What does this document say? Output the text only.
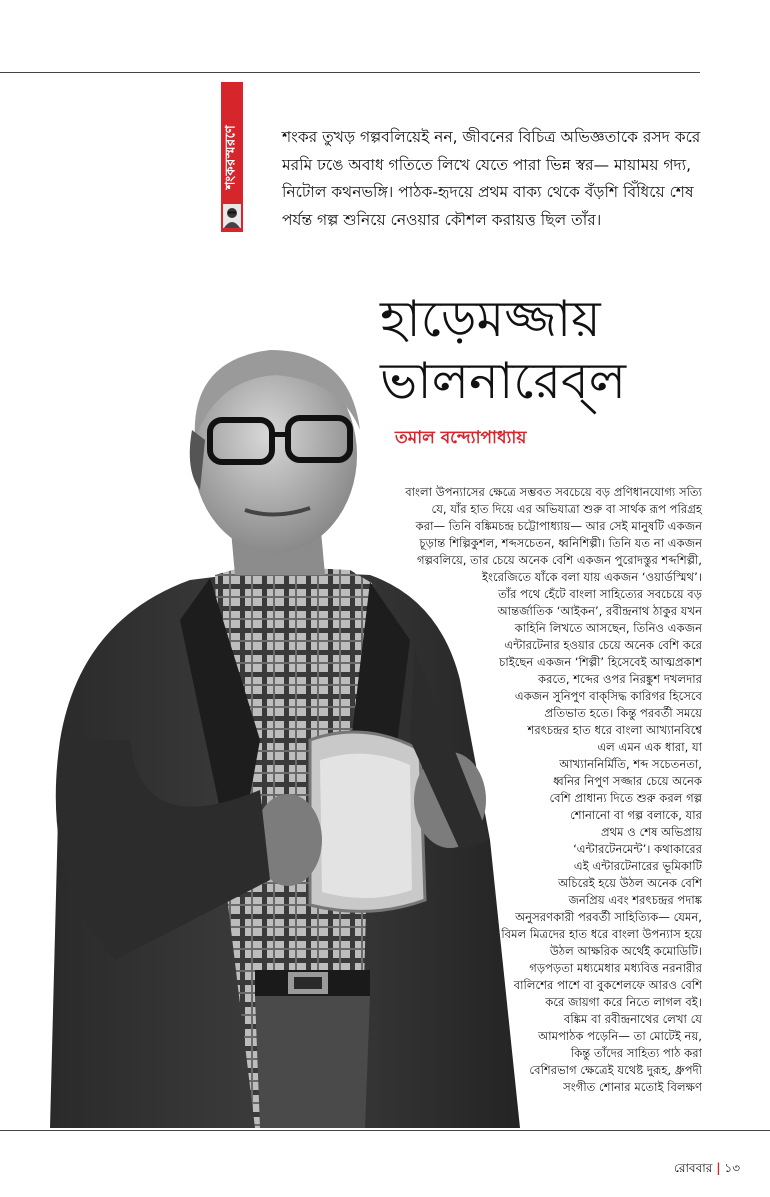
শংকরস্মরণে	শংকর তুখড় গল্পবলিয়েই নন, জীবনের বিচিত্র অভিজ্ঞতাকে রসদ করে মরমি ঢঙে অবাধ গতিতে লিখে যেতে পারা ভিন্ন স্বর— মায়াময় গদ্য, নিটোল কথনভঙ্গি। পাঠক-হৃদয়ে প্রথম বাক্য থেকে বঁড়শি বিঁধিয়ে শেষ পর্যন্ত গল্প শুনিয়ে নেওয়ার কৌশল করায়ত্ত ছিল তাঁর।
হাড়েমজ্জায়
ভালনারেব্‌ল
তমাল বন্দ্যোপাধ্যায়
বাংলা উপন্যাসের ক্ষেত্রে সম্ভবত সবচেয়ে বড় প্রণিধানযোগ্য সত্যি
যে, যাঁর হাত দিয়ে এর অভিযাত্রা শুরু বা সার্থক রূপ পরিগ্রহ
করা— তিনি বঙ্কিমচন্দ্র চট্টোপাধ্যায়— আর সেই মানুষটি একজন
চূড়ান্ত শিল্পিকুশল, শব্দসচেতন, ধ্বনিশিল্পী। তিনি যত না একজন
গল্পবলিয়ে, তার চেয়ে অনেক বেশি একজন পুরোদস্তুর শব্দশিল্পী,
ইংরেজিতে যাঁকে বলা যায় একজন ‘ওয়ার্ডস্মিথ’।
তাঁর পথে হেঁটে বাংলা সাহিত্যের সবচেয়ে বড়
আন্তর্জাতিক ‘আইকন’, রবীন্দ্রনাথ ঠাকুর যখন
কাহিনি লিখতে আসছেন, তিনিও একজন
এন্টারটেনার হওয়ার চেয়ে অনেক বেশি করে
চাইছেন একজন ‘শিল্পী’ হিসেবেই আত্মপ্রকাশ
করতে, শব্দের ওপর নিরঙ্কুশ দখলদার
একজন সুনিপুণ বাক্‌সিদ্ধ কারিগর হিসেবে
প্রতিভাত হতে। কিন্তু পরবর্তী সময়ে
শরৎচন্দ্রর হাত ধরে বাংলা আখ্যানবিশ্বে
এল এমন এক ধারা, যা
আখ্যাননির্মিতি, শব্দ সচেতনতা,
ধ্বনির নিপুণ সজ্জার চেয়ে অনেক
বেশি প্রাধান্য দিতে শুরু করল গল্প
শোনানো বা গল্প বলাকে, যার
প্রথম ও শেষ অভিপ্রায়
‘এন্টারটেনমেন্ট’। কথাকারের
এই এন্টারটেনারের ভূমিকাটি
অচিরেই হয়ে উঠল অনেক বেশি
জনপ্রিয় এবং শরৎচন্দ্রর পদাঙ্ক
অনুসরণকারী পরবর্তী সাহিত্যিক— যেমন,
বিমল মিত্রদের হাত ধরে বাংলা উপন্যাস হয়ে
উঠল আক্ষরিক অর্থেই কমোডিটি।
গড়পড়তা মধ্যমেধার মধ্যবিত্ত নরনারীর
বালিশের পাশে বা বুকশেলফে আরও বেশি
করে জায়গা করে নিতে লাগল বই।
বঙ্কিম বা রবীন্দ্রনাথের লেখা যে
আমপাঠক পড়েনি— তা মোটেই নয়,
কিন্তু তাঁদের সাহিত্য পাঠ করা
বেশিরভাগ ক্ষেত্রেই যথেষ্ট দুরূহ, ধ্রুপদী
সংগীত শোনার মতোই বিলক্ষণ
রোববার | ১৩
